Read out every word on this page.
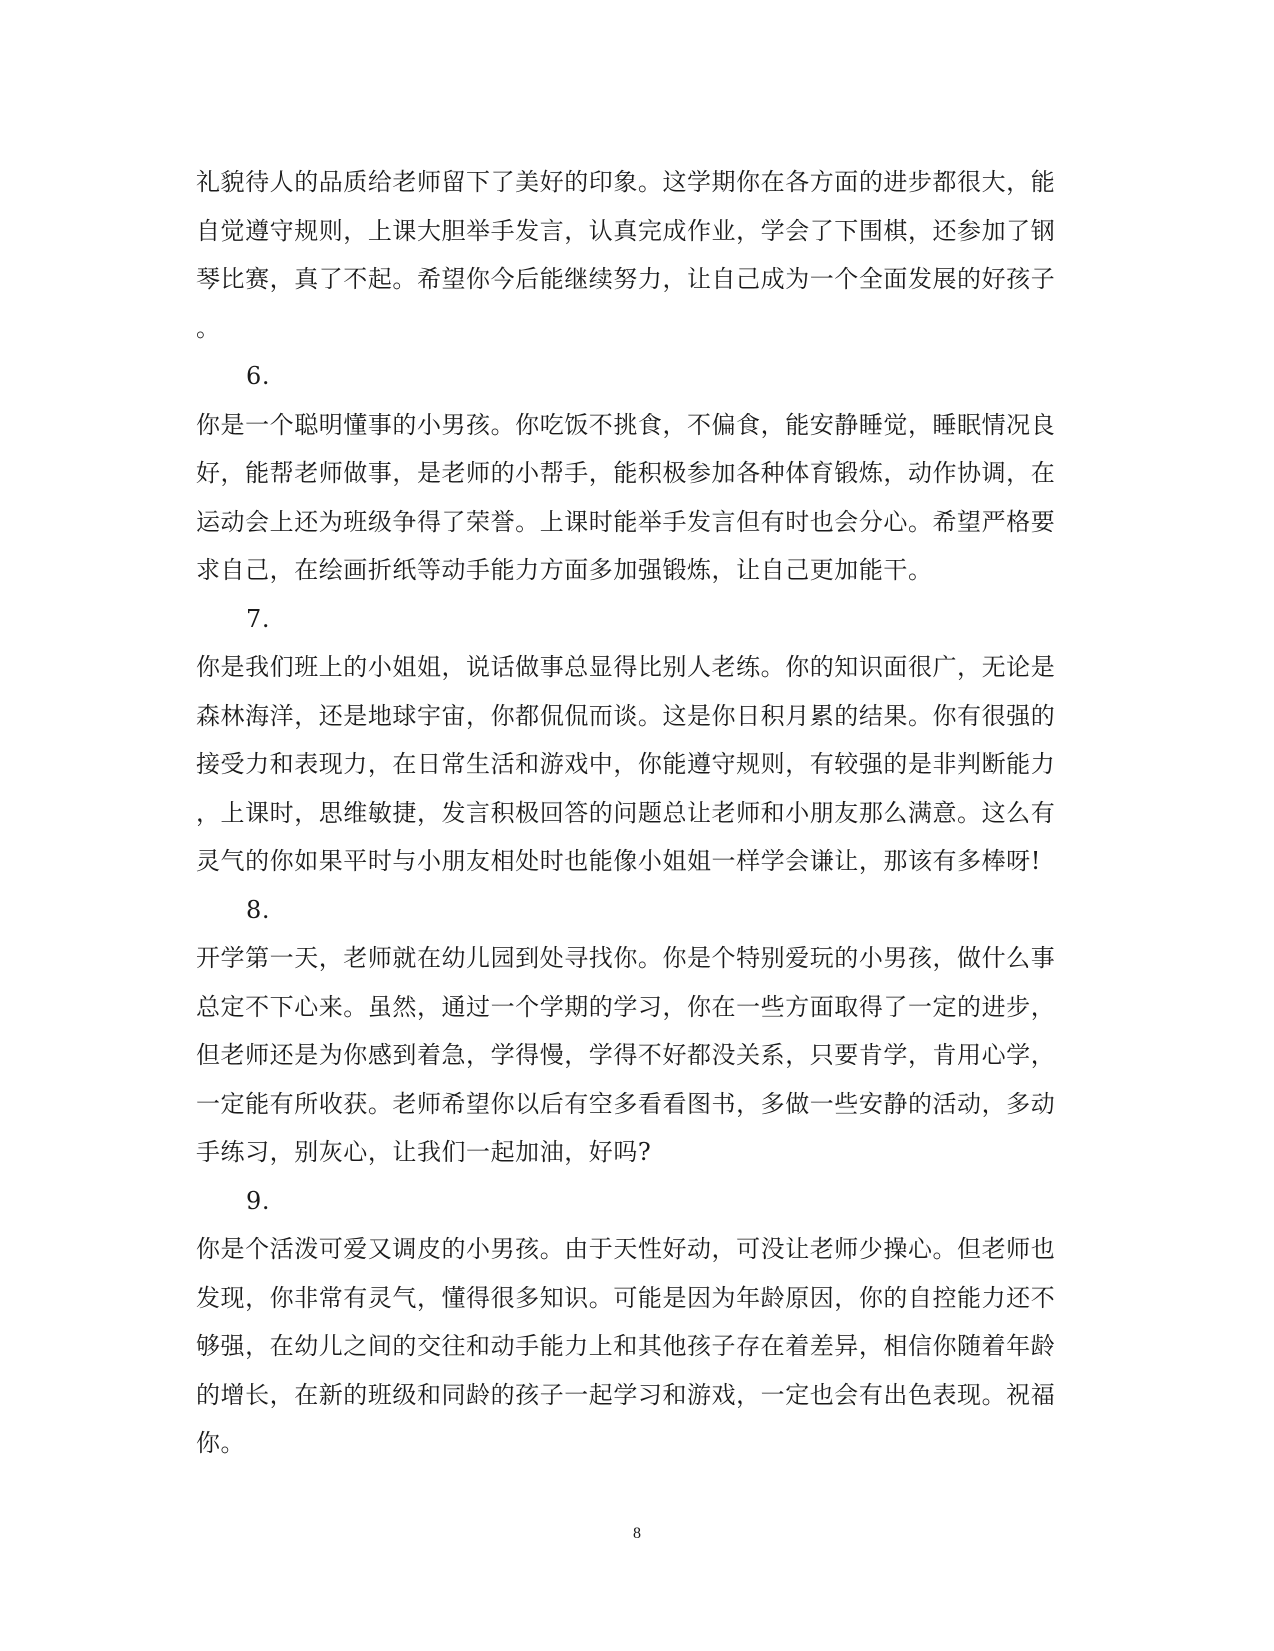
礼貌待人的品质给老师留下了美好的印象。这学期你在各方面的进步都很大，能
自觉遵守规则，上课大胆举手发言，认真完成作业，学会了下围棋，还参加了钢
琴比赛，真了不起。希望你今后能继续努力，让自己成为一个全面发展的好孩子
。
6.
你是一个聪明懂事的小男孩。你吃饭不挑食，不偏食，能安静睡觉，睡眠情况良
好，能帮老师做事，是老师的小帮手，能积极参加各种体育锻炼，动作协调，在
运动会上还为班级争得了荣誉。上课时能举手发言但有时也会分心。希望严格要
求自己，在绘画折纸等动手能力方面多加强锻炼，让自己更加能干。
7.
你是我们班上的小姐姐，说话做事总显得比别人老练。你的知识面很广，无论是
森林海洋，还是地球宇宙，你都侃侃而谈。这是你日积月累的结果。你有很强的
接受力和表现力，在日常生活和游戏中，你能遵守规则，有较强的是非判断能力
，上课时，思维敏捷，发言积极回答的问题总让老师和小朋友那么满意。这么有
灵气的你如果平时与小朋友相处时也能像小姐姐一样学会谦让，那该有多棒呀!
8.
开学第一天，老师就在幼儿园到处寻找你。你是个特别爱玩的小男孩，做什么事
总定不下心来。虽然，通过一个学期的学习，你在一些方面取得了一定的进步，
但老师还是为你感到着急，学得慢，学得不好都没关系，只要肯学，肯用心学，
一定能有所收获。老师希望你以后有空多看看图书，多做一些安静的活动，多动
手练习，别灰心，让我们一起加油，好吗?
9.
你是个活泼可爱又调皮的小男孩。由于天性好动，可没让老师少操心。但老师也
发现，你非常有灵气，懂得很多知识。可能是因为年龄原因，你的自控能力还不
够强，在幼儿之间的交往和动手能力上和其他孩子存在着差异，相信你随着年龄
的增长，在新的班级和同龄的孩子一起学习和游戏，一定也会有出色表现。祝福
你。
8
